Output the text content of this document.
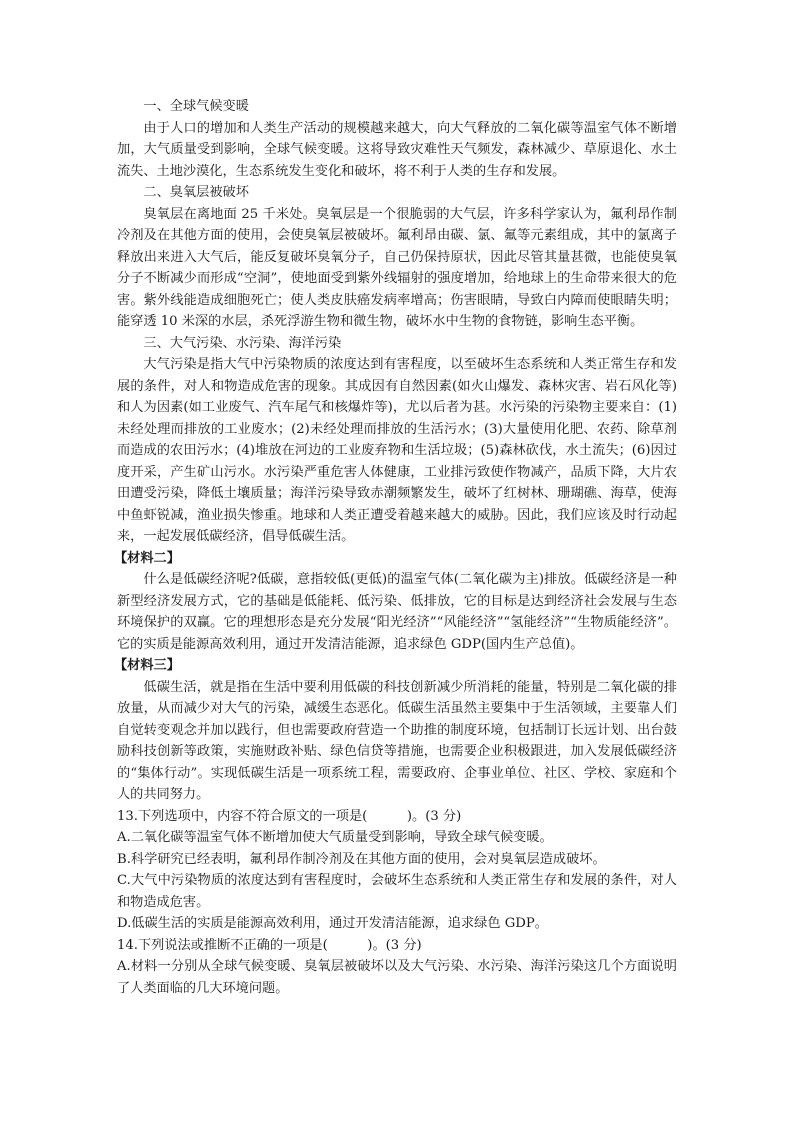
一、全球气候变暖

由于人口的增加和人类生产活动的规模越来越大，向大气释放的二氧化碳等温室气体不断增加，大气质量受到影响，全球气候变暖。这将导致灾难性天气频发，森林减少、草原退化、水土流失、土地沙漠化，生态系统发生变化和破坏，将不利于人类的生存和发展。

二、臭氧层被破坏

臭氧层在离地面 25 千米处。臭氧层是一个很脆弱的大气层，许多科学家认为，氟利昂作制冷剂及在其他方面的使用，会使臭氧层被破坏。氟利昂由碳、氯、氟等元素组成，其中的氯离子释放出来进入大气后，能反复破坏臭氧分子，自己仍保持原状，因此尽管其量甚微，也能使臭氧分子不断减少而形成“空洞”，使地面受到紫外线辐射的强度增加，给地球上的生命带来很大的危害。紫外线能造成细胞死亡；使人类皮肤癌发病率增高；伤害眼睛，导致白内障而使眼睛失明；能穿透 10 米深的水层，杀死浮游生物和微生物，破坏水中生物的食物链，影响生态平衡。

三、大气污染、水污染、海洋污染

大气污染是指大气中污染物质的浓度达到有害程度，以至破坏生态系统和人类正常生存和发展的条件，对人和物造成危害的现象。其成因有自然因素(如火山爆发、森林灾害、岩石风化等)和人为因素(如工业废气、汽车尾气和核爆炸等)，尤以后者为甚。水污染的污染物主要来自：(1)未经处理而排放的工业废水；(2)未经处理而排放的生活污水；(3)大量使用化肥、农药、除草剂而造成的农田污水；(4)堆放在河边的工业废弃物和生活垃圾；(5)森林砍伐，水土流失；(6)因过度开采，产生矿山污水。水污染严重危害人体健康，工业排污致使作物减产，品质下降，大片农田遭受污染，降低土壤质量；海洋污染导致赤潮频繁发生，破坏了红树林、珊瑚礁、海草，使海中鱼虾锐减，渔业损失惨重。地球和人类正遭受着越来越大的威胁。因此，我们应该及时行动起来，一起发展低碳经济，倡导低碳生活。

【材料二】

什么是低碳经济呢?低碳，意指较低(更低)的温室气体(二氧化碳为主)排放。低碳经济是一种新型经济发展方式，它的基础是低能耗、低污染、低排放，它的目标是达到经济社会发展与生态环境保护的双赢。它的理想形态是充分发展“阳光经济”“风能经济”“氢能经济”“生物质能经济”。它的实质是能源高效利用，通过开发清洁能源，追求绿色 GDP(国内生产总值)。

【材料三】

低碳生活，就是指在生活中要利用低碳的科技创新减少所消耗的能量，特别是二氧化碳的排放量，从而减少对大气的污染，减缓生态恶化。低碳生活虽然主要集中于生活领域，主要靠人们自觉转变观念并加以践行，但也需要政府营造一个助推的制度环境，包括制订长远计划、出台鼓励科技创新等政策，实施财政补贴、绿色信贷等措施，也需要企业积极跟进，加入发展低碳经济的“集体行动”。实现低碳生活是一项系统工程，需要政府、企事业单位、社区、学校、家庭和个人的共同努力。

13.下列选项中，内容不符合原文的一项是(　　　)。(3 分)

A.二氧化碳等温室气体不断增加使大气质量受到影响，导致全球气候变暖。

B.科学研究已经表明，氟利昂作制冷剂及在其他方面的使用，会对臭氧层造成破坏。

C.大气中污染物质的浓度达到有害程度时，会破坏生态系统和人类正常生存和发展的条件，对人和物造成危害。

D.低碳生活的实质是能源高效利用，通过开发清洁能源，追求绿色 GDP。

14.下列说法或推断不正确的一项是(　　　)。(3 分)

A.材料一分别从全球气候变暖、臭氧层被破坏以及大气污染、水污染、海洋污染这几个方面说明了人类面临的几大环境问题。
